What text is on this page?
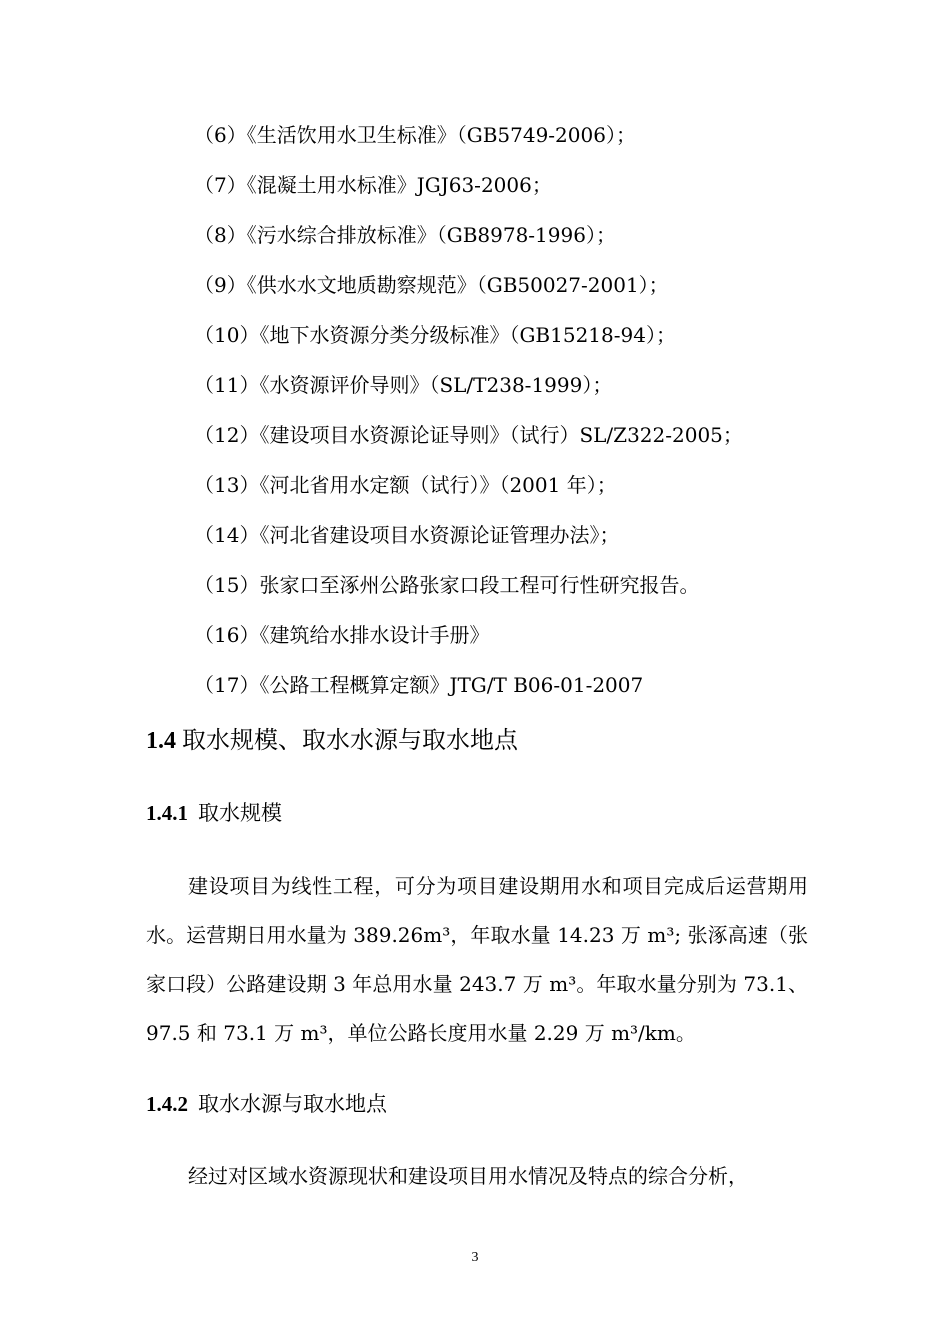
（6）《生活饮用水卫生标准》（GB5749-2006）；
（7）《混凝土用水标准》JGJ63-2006；
（8）《污水综合排放标准》（GB8978-1996）；
（9）《供水水文地质勘察规范》（GB50027-2001）；
（10）《地下水资源分类分级标准》（GB15218-94）；
（11）《水资源评价导则》（SL/T238-1999）；
（12）《建设项目水资源论证导则》（试行）SL/Z322-2005；
（13）《河北省用水定额（试行）》（2001 年）；
（14）《河北省建设项目水资源论证管理办法》；
（15）张家口至涿州公路张家口段工程可行性研究报告。
（16）《建筑给水排水设计手册》
（17）《公路工程概算定额》JTG/T B06-01-2007
1.4 取水规模、取水水源与取水地点
1.4.1 取水规模

建设项目为线性工程，可分为项目建设期用水和项目完成后运营期用水。运营期日用水量为 389.26m³，年取水量 14.23 万 m³; 张涿高速（张家口段）公路建设期 3 年总用水量 243.7 万 m³。年取水量分别为 73.1、97.5 和 73.1 万 m³，单位公路长度用水量 2.29 万 m³/km。

1.4.2 取水水源与取水地点

经过对区域水资源现状和建设项目用水情况及特点的综合分析，

3
